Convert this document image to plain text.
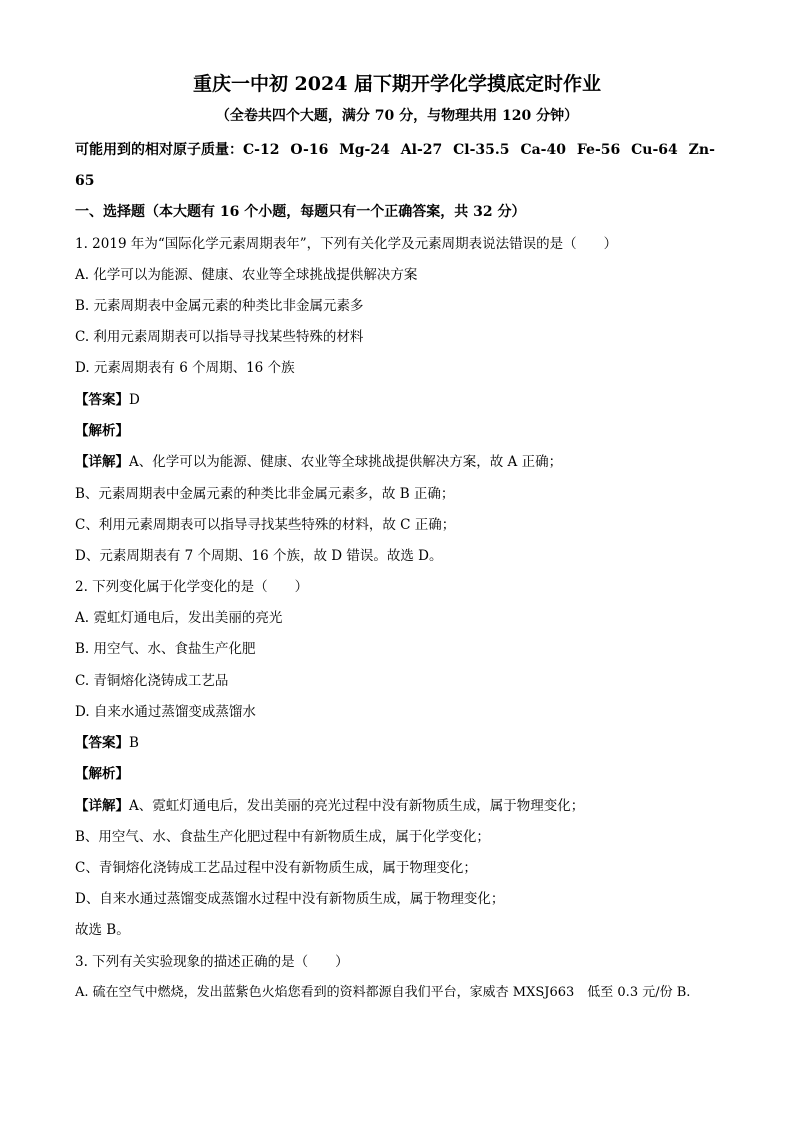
重庆一中初 2024 届下期开学化学摸底定时作业
（全卷共四个大题，满分 70 分，与物理共用 120 分钟）
可能用到的相对原子质量：C-12 O-16 Mg-24 Al-27 Cl-35.5 Ca-40 Fe-56 Cu-64 Zn-
65
一、选择题（本大题有 16 个小题，每题只有一个正确答案，共 32 分）
1. 2019 年为“国际化学元素周期表年”，下列有关化学及元素周期表说法错误的是（　　）
A. 化学可以为能源、健康、农业等全球挑战提供解决方案
B. 元素周期表中金属元素的种类比非金属元素多
C. 利用元素周期表可以指导寻找某些特殊的材料
D. 元素周期表有 6 个周期、16 个族
【答案】D
【解析】
【详解】A、化学可以为能源、健康、农业等全球挑战提供解决方案，故 A 正确；
B、元素周期表中金属元素的种类比非金属元素多，故 B 正确；
C、利用元素周期表可以指导寻找某些特殊的材料，故 C 正确；
D、元素周期表有 7 个周期、16 个族，故 D 错误。故选 D。
2. 下列变化属于化学变化的是（　　）
A. 霓虹灯通电后，发出美丽的亮光
B. 用空气、水、食盐生产化肥
C. 青铜熔化浇铸成工艺品
D. 自来水通过蒸馏变成蒸馏水
【答案】B
【解析】
【详解】A、霓虹灯通电后，发出美丽的亮光过程中没有新物质生成，属于物理变化；
B、用空气、水、食盐生产化肥过程中有新物质生成，属于化学变化；
C、青铜熔化浇铸成工艺品过程中没有新物质生成，属于物理变化；
D、自来水通过蒸馏变成蒸馏水过程中没有新物质生成，属于物理变化；
故选 B。
3. 下列有关实验现象的描述正确的是（　　）
A. 硫在空气中燃烧，发出蓝紫色火焰您看到的资料都源自我们平台，家威杏 MXSJ663　低至 0.3 元/份 B.
